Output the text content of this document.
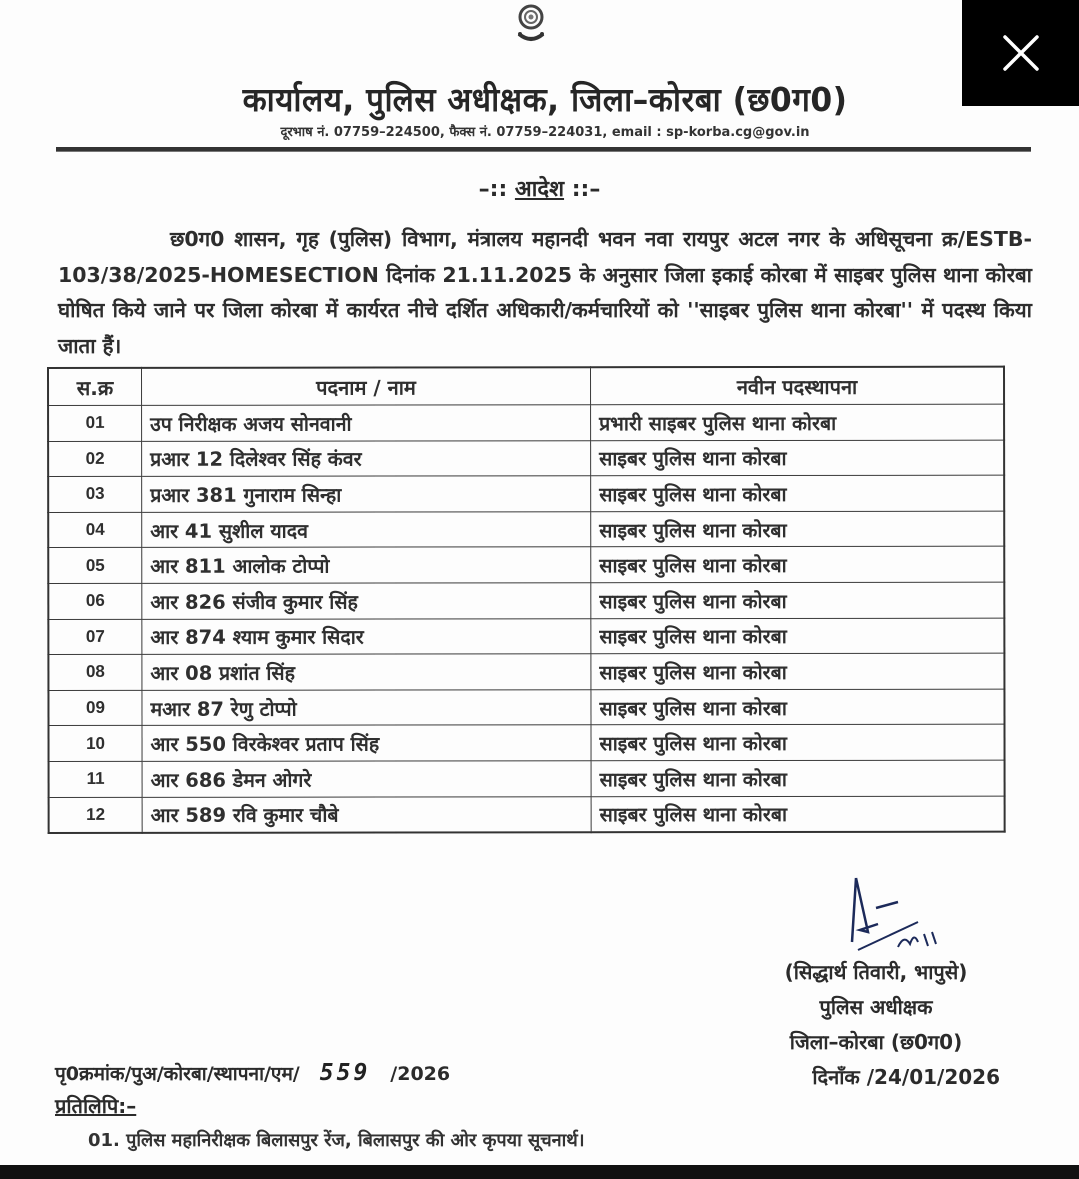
कार्यालय, पुलिस अधीक्षक, जिला–कोरबा (छ0ग0)
दूरभाष नं. 07759–224500, फैक्स नं. 07759–224031, email : sp-korba.cg@gov.in
–:: आदेश ::–
छ0ग0 शासन, गृह (पुलिस) विभाग, मंत्रालय महानदी भवन नवा रायपुर अटल नगर के अधिसूचना क्र/ESTB-103/38/2025-HOMESECTION दिनांक 21.11.2025 के अनुसार जिला इकाई कोरबा में साइबर पुलिस थाना कोरबा घोषित किये जाने पर जिला कोरबा में कार्यरत नीचे दर्शित अधिकारी/कर्मचारियों को ''साइबर पुलिस थाना कोरबा'' में पदस्थ किया जाता हैं।
स.क्र	पदनाम / नाम	नवीन पदस्थापना
01	उप निरीक्षक अजय सोनवानी	प्रभारी साइबर पुलिस थाना कोरबा
02	प्रआर 12 दिलेश्वर सिंह कंवर	साइबर पुलिस थाना कोरबा
03	प्रआर 381 गुनाराम सिन्हा	साइबर पुलिस थाना कोरबा
04	आर 41 सुशील यादव	साइबर पुलिस थाना कोरबा
05	आर 811 आलोक टोप्पो	साइबर पुलिस थाना कोरबा
06	आर 826 संजीव कुमार सिंह	साइबर पुलिस थाना कोरबा
07	आर 874 श्याम कुमार सिदार	साइबर पुलिस थाना कोरबा
08	आर 08 प्रशांत सिंह	साइबर पुलिस थाना कोरबा
09	मआर 87 रेणु टोप्पो	साइबर पुलिस थाना कोरबा
10	आर 550 विरकेश्वर प्रताप सिंह	साइबर पुलिस थाना कोरबा
11	आर 686 डेमन ओगरे	साइबर पुलिस थाना कोरबा
12	आर 589 रवि कुमार चौबे	साइबर पुलिस थाना कोरबा
(सिद्धार्थ तिवारी, भापुसे)
पुलिस अधीक्षक
जिला–कोरबा (छ0ग0)
दिनाँक /24/01/2026
पृ0क्रमांक/पुअ/कोरबा/स्थापना/एम/ 559 /2026
प्रतिलिपि:–
01. पुलिस महानिरीक्षक बिलासपुर रेंज, बिलासपुर की ओर कृपया सूचनार्थ।
